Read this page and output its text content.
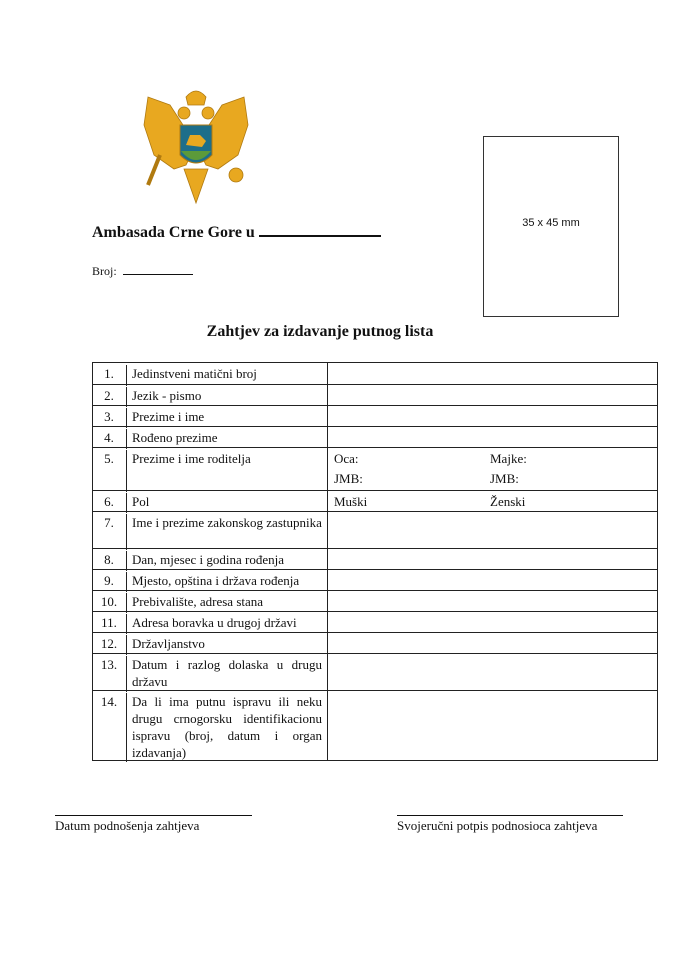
Ambasada Crne Gore u
Broj:
35 x 45 mm
Zahtjev za izdavanje putnog lista
1.	Jedinstveni matični broj
2.	Jezik - pismo
3.	Prezime i ime
4.	Rođeno prezime
5.	Prezime i ime roditelja	Oca:	Majke:
JMB:	JMB:
6.	Pol	Muški	Ženski
7.	Ime i prezime zakonskog zastupnika
8.	Dan, mjesec i godina rođenja
9.	Mjesto, opština i država rođenja
10.	Prebivalište, adresa stana
11.	Adresa boravka u drugoj državi
12.	Državljanstvo
13.	Datum i razlog dolaska u drugu državu
14.	Da li ima putnu ispravu ili neku drugu crnogorsku identifikacionu ispravu (broj, datum i organ izdavanja)
Datum podnošenja zahtjeva	Svojeručni potpis podnosioca zahtjeva
